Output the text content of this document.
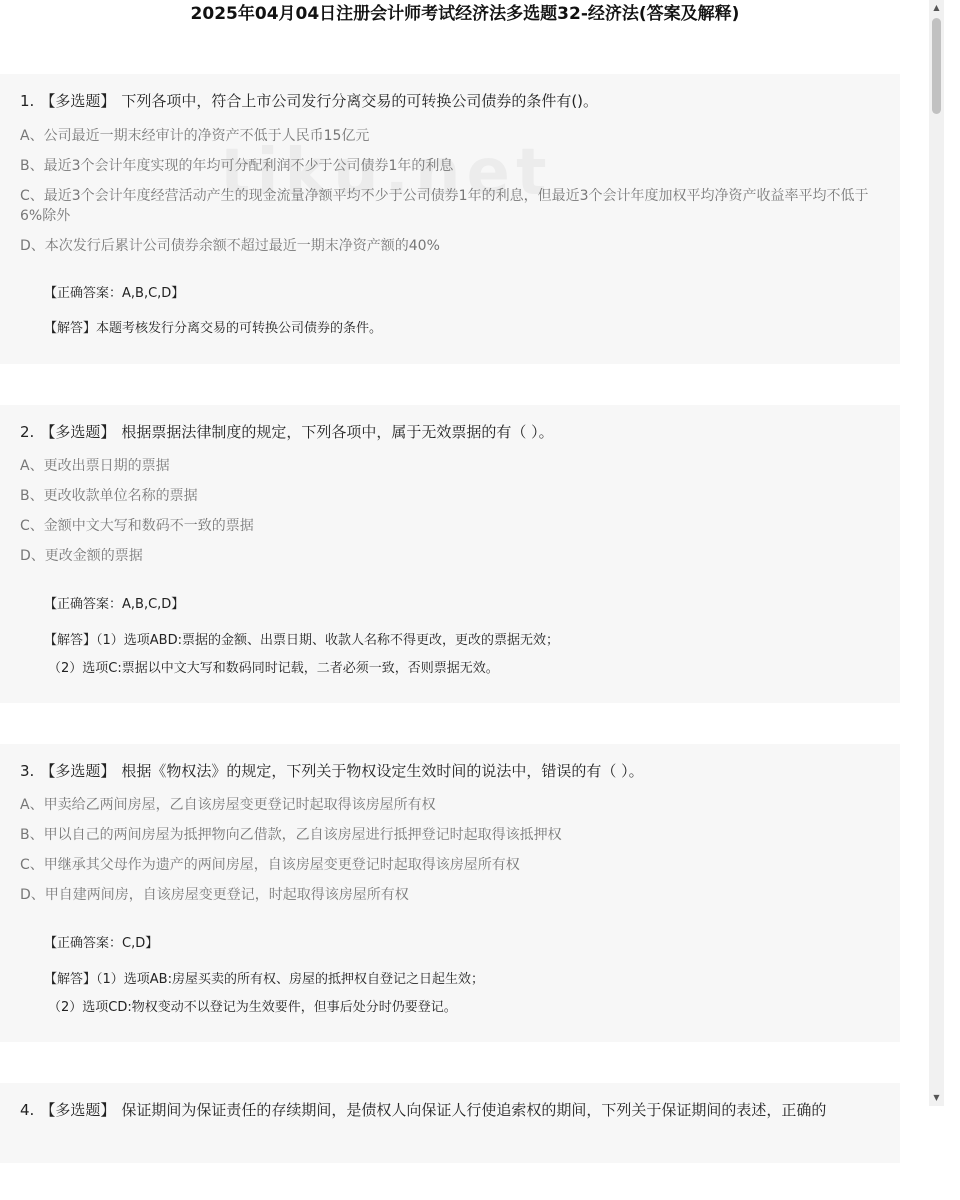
2025年04月04日注册会计师考试经济法多选题32-经济法(答案及解释)
1. 【多选题】 下列各项中，符合上市公司发行分离交易的可转换公司债券的条件有()。
A、公司最近一期末经审计的净资产不低于人民币15亿元
B、最近3个会计年度实现的年均可分配利润不少于公司债券1年的利息
C、最近3个会计年度经营活动产生的现金流量净额平均不少于公司债券1年的利息，但最近3个会计年度加权平均净资产收益率平均不低于6%除外
D、本次发行后累计公司债券余额不超过最近一期末净资产额的40%
【正确答案：A,B,C,D】
【解答】本题考核发行分离交易的可转换公司债券的条件。
2. 【多选题】 根据票据法律制度的规定，下列各项中，属于无效票据的有（ ）。
A、更改出票日期的票据
B、更改收款单位名称的票据
C、金额中文大写和数码不一致的票据
D、更改金额的票据
【正确答案：A,B,C,D】
【解答】（1）选项ABD:票据的金额、出票日期、收款人名称不得更改，更改的票据无效；
（2）选项C:票据以中文大写和数码同时记载，二者必须一致，否则票据无效。
3. 【多选题】 根据《物权法》的规定，下列关于物权设定生效时间的说法中，错误的有（ ）。
A、甲卖给乙两间房屋，乙自该房屋变更登记时起取得该房屋所有权
B、甲以自己的两间房屋为抵押物向乙借款，乙自该房屋进行抵押登记时起取得该抵押权
C、甲继承其父母作为遗产的两间房屋，自该房屋变更登记时起取得该房屋所有权
D、甲自建两间房，自该房屋变更登记，时起取得该房屋所有权
【正确答案：C,D】
【解答】（1）选项AB:房屋买卖的所有权、房屋的抵押权自登记之日起生效；
（2）选项CD:物权变动不以登记为生效要件，但事后处分时仍要登记。
4. 【多选题】 保证期间为保证责任的存续期间，是债权人向保证人行使追索权的期间，下列关于保证期间的表述，正确的
▲
▼
